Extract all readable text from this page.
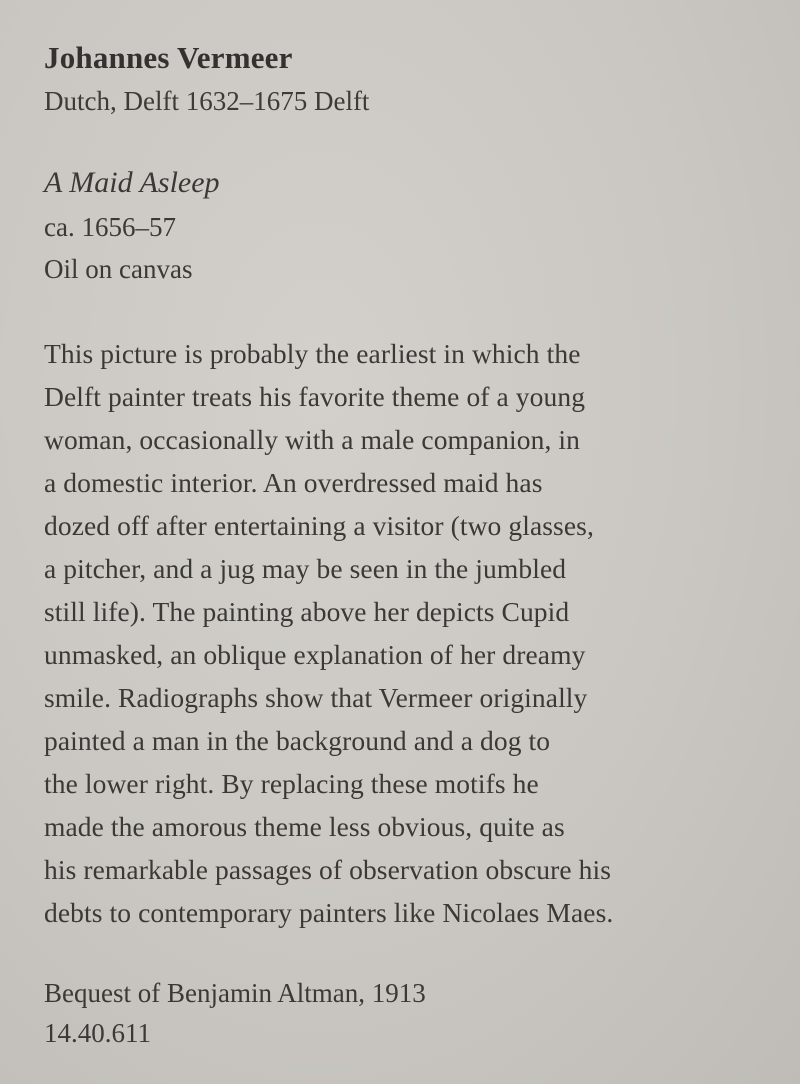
Johannes Vermeer
Dutch, Delft 1632–1675 Delft
A Maid Asleep
ca. 1656–57
Oil on canvas
This picture is probably the earliest in which the
Delft painter treats his favorite theme of a young
woman, occasionally with a male companion, in
a domestic interior. An overdressed maid has
dozed off after entertaining a visitor (two glasses,
a pitcher, and a jug may be seen in the jumbled
still life). The painting above her depicts Cupid
unmasked, an oblique explanation of her dreamy
smile. Radiographs show that Vermeer originally
painted a man in the background and a dog to
the lower right. By replacing these motifs he
made the amorous theme less obvious, quite as
his remarkable passages of observation obscure his
debts to contemporary painters like Nicolaes Maes.
Bequest of Benjamin Altman, 1913
14.40.611
